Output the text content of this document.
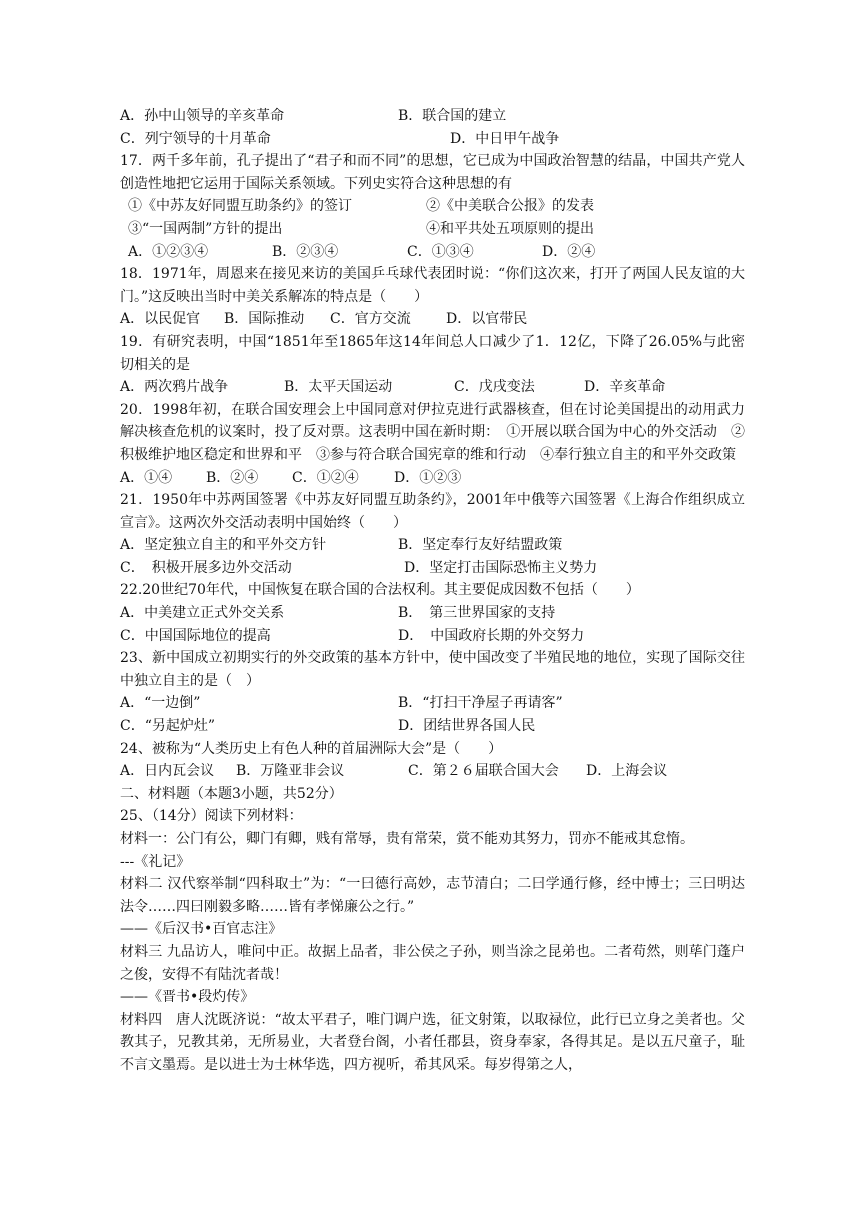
A．孙中山领导的辛亥革命	B．联合国的建立
C．列宁领导的十月革命	D．中日甲午战争
17．两千多年前，孔子提出了“君子和而不同”的思想，它已成为中国政治智慧的结晶，中国共产党人创造性地把它运用于国际关系领域。下列史实符合这种思想的有
①《中苏友好同盟互助条约》的签订	②《中美联合公报》的发表
③“一国两制”方针的提出	④和平共处五项原则的提出
A．①②③④	B．②③④	C．①③④	D．②④
18．1971年，周恩来在接见来访的美国乒乓球代表团时说：“你们这次来，打开了两国人民友谊的大门。”这反映出当时中美关系解冻的特点是（　　）
A．以民促官 B．国际推动 C．官方交流	D．以官带民
19．有研究表明，中国“1851年至1865年这14年间总人口减少了1．12亿，下降了26.05%与此密切相关的是
A．两次鸦片战争	B．太平天国运动	C．戊戌变法	D．辛亥革命
20．1998年初，在联合国安理会上中国同意对伊拉克进行武器核查，但在讨论美国提出的动用武力解决核查危机的议案时，投了反对票。这表明中国在新时期：　①开展以联合国为中心的外交活动　②积极维护地区稳定和世界和平　③参与符合联合国宪章的维和行动　④奉行独立自主的和平外交政策
A．①④ B．②④ C．①②④	D．①②③
21．1950年中苏两国签署《中苏友好同盟互助条约》，2001年中俄等六国签署《上海合作组织成立宣言》。这两次外交活动表明中国始终（　　）
A．坚定独立自主的和平外交方针	B．坚定奉行友好结盟政策
C．　积极开展多边外交活动	D．坚定打击国际恐怖主义势力
22.20世纪70年代，中国恢复在联合国的合法权利。其主要促成因数不包括（　　）
A．中美建立正式外交关系	B．　第三世界国家的支持
C．中国国际地位的提高	D．　中国政府长期的外交努力
23、新中国成立初期实行的外交政策的基本方针中，使中国改变了半殖民地的地位，实现了国际交往中独立自主的是（　）
A．“一边倒”	B．“打扫干净屋子再请客”
C．“另起炉灶”	D．团结世界各国人民
24、被称为“人类历史上有色人种的首届洲际大会”是（　　）
A．日内瓦会议 B．万隆亚非会议	C．第２６届联合国大会 D．上海会议
二、材料题（本题3小题，共52分）
25、（14分）阅读下列材料：
材料一：公门有公，卿门有卿，贱有常辱，贵有常荣，赏不能劝其努力，罚亦不能戒其怠惰。
---《礼记》
材料二 汉代察举制“四科取士”为：“一曰德行高妙，志节清白；二曰学通行修，经中博士；三曰明达法令……四曰刚毅多略……皆有孝悌廉公之行。”
——《后汉书•百官志注》
材料三 九品访人，唯问中正。故据上品者，非公侯之子孙，则当涂之昆弟也。二者苟然，则荜门蓬户之俊，安得不有陆沈者哉！
——《晋书•段灼传》
材料四　唐人沈既济说：“故太平君子，唯门调户选，征文射策，以取禄位，此行已立身之美者也。父教其子，兄教其弟，无所易业，大者登台阁，小者任郡县，资身奉家，各得其足。是以五尺童子，耻不言文墨焉。是以进士为士林华选，四方视听，希其风采。每岁得第之人，
